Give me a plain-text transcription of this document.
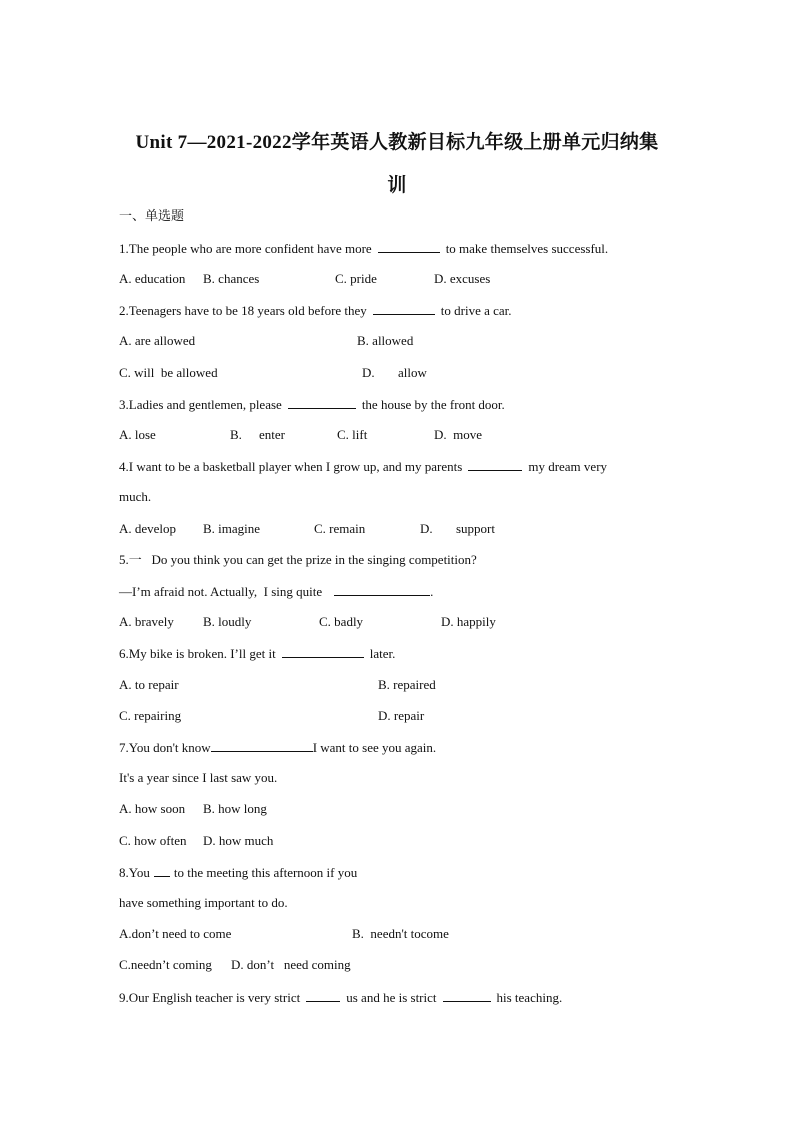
Unit 7—2021-2022学年英语人教新目标九年级上册单元归纳集
训
一、单选题
1.The people who are more confident have more	to make themselves successful.
A. education B. chances	C. pride	D. excuses
2.Teenagers have to be 18 years old before they	to drive a car.
A. are allowed	B. allowed
C. will  be allowed	D. allow
3.Ladies and gentlemen, please	the house by the front door.
A. lose	B. enter	C. lift	D.  move
4.I want to be a basketball player when I grow up, and my parents	my dream very
much.
A. develop B. imagine	C. remain	D. support
5.一   Do you think you can get the prize in the singing competition?
—I’m afraid not. Actually,  I sing quite	.
A. bravely B. loudly	C. badly	D. happily
6.My bike is broken. I’ll get it	later.
A. to repair	B. repaired
C. repairing	D. repair
7.You don't know	I want to see you again.
It's a year since I last saw you.
A. how soon B. how long
C. how often D. how much
8.You to the meeting this afternoon if you
have something important to do.
A.don’t need to come	B.  needn't tocome
C.needn’t coming D. don’t   need coming
9.Our English teacher is very strict	us and he is strict	his teaching.
